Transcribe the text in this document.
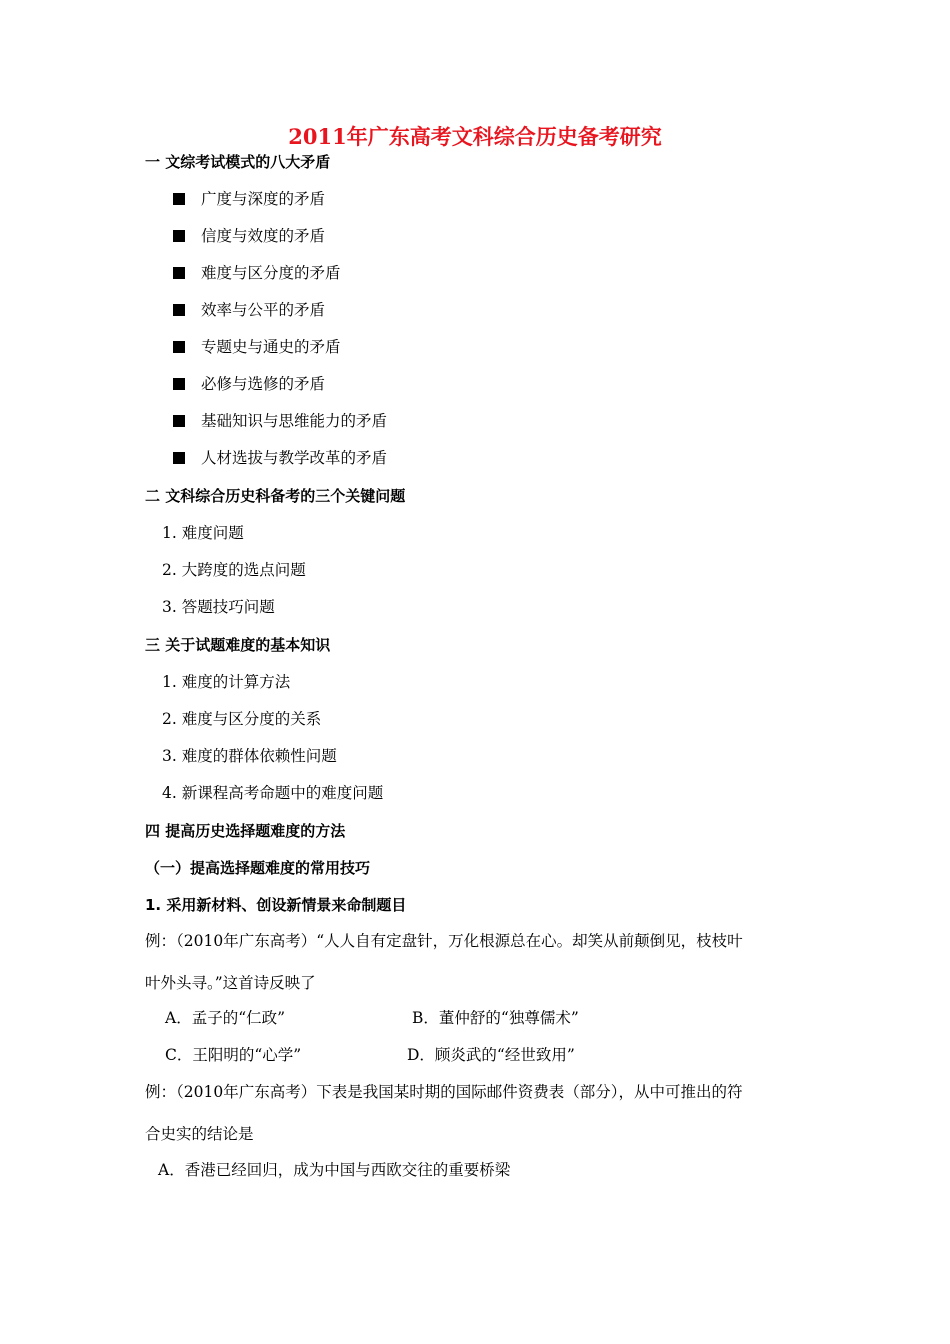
2011年广东高考文科综合历史备考研究
一 文综考试模式的八大矛盾
广度与深度的矛盾
信度与效度的矛盾
难度与区分度的矛盾
效率与公平的矛盾
专题史与通史的矛盾
必修与选修的矛盾
基础知识与思维能力的矛盾
人材选拔与教学改革的矛盾
二 文科综合历史科备考的三个关键问题
1. 难度问题
2. 大跨度的选点问题
3. 答题技巧问题
三 关于试题难度的基本知识
1. 难度的计算方法
2. 难度与区分度的关系
3. 难度的群体依赖性问题
4. 新课程高考命题中的难度问题
四 提高历史选择题难度的方法
（一）提高选择题难度的常用技巧
1. 采用新材料、创设新情景来命制题目
例：（2010年广东高考）“人人自有定盘针，万化根源总在心。却笑从前颠倒见，枝枝叶
叶外头寻。”这首诗反映了
A．孟子的“仁政”	B．董仲舒的“独尊儒术”
C．王阳明的“心学”	D．顾炎武的“经世致用”
例：（2010年广东高考）下表是我国某时期的国际邮件资费表（部分），从中可推出的符
合史实的结论是
A．香港已经回归，成为中国与西欧交往的重要桥梁
